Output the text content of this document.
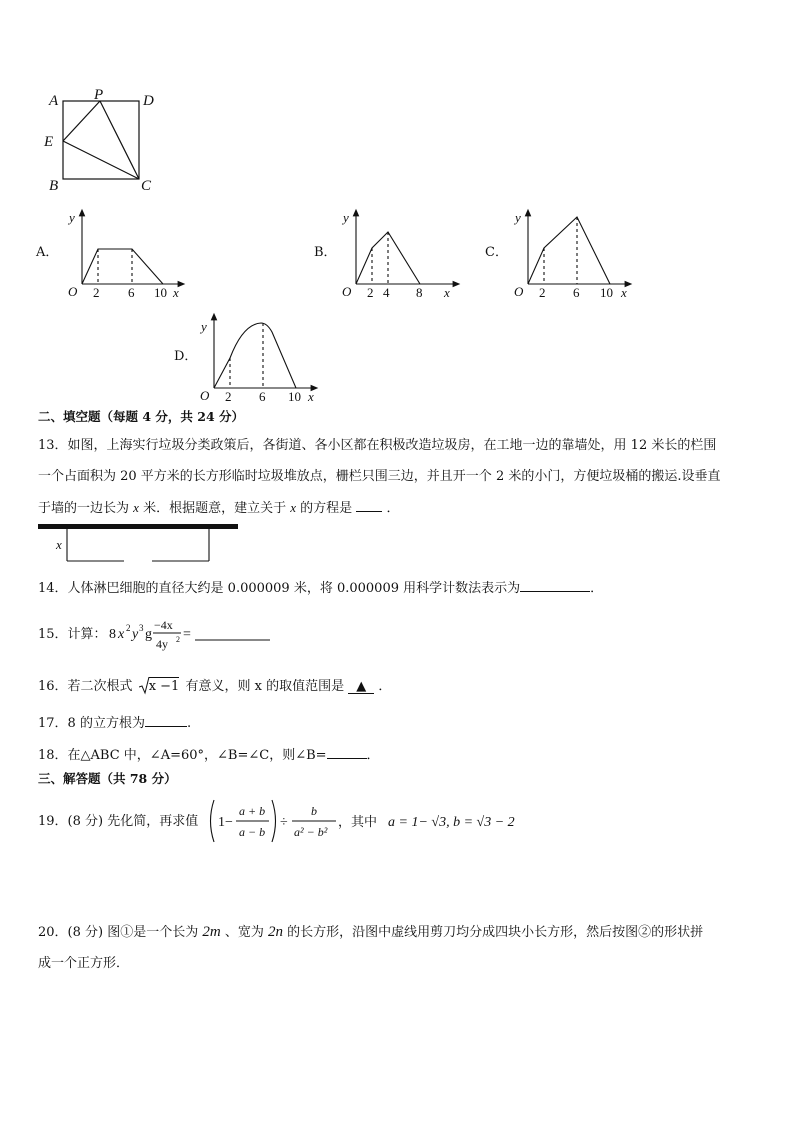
A P	D
E
B	C
A．
y
O 2 6 10 x
B．
y
O 2 4 8 x
C．
y
O 2 6 10 x
D．
y
O 2 6 10 x
二、填空题（每题 4 分，共 24 分）
13．如图，上海实行垃圾分类政策后，各街道、各小区都在积极改造垃圾房，在工地一边的靠墙处，用 12 米长的栏围
一个占面积为 20 平方米的长方形临时垃圾堆放点，栅栏只围三边，并且开一个 2 米的小门，方便垃圾桶的搬运.设垂直
于墙的一边长为 x 米．根据题意，建立关于 x 的方程是	．
x
14．人体淋巴细胞的直径大约是 0.000009 米，将 0.000009 用科学计数法表示为	．
15．计算： 8 x 2 y 3 g
−4x
4y 2 =
16．若二次根式 x −1 有意义，则 x 的取值范围是 ▲ ．
17．8 的立方根为	.
18．在△ABC 中，∠A=60°，∠B=∠C，则∠B=	．
三、解答题（共 78 分）
19．(8 分) 先化简，再求值 1−
a + b
a − b
÷
b
a² − b²
，其中 a = 1− √3, b = √3 − 2
20．(8 分) 图①是一个长为 2m 、宽为 2n 的长方形，沿图中虚线用剪刀均分成四块小长方形，然后按图②的形状拼
成一个正方形．
